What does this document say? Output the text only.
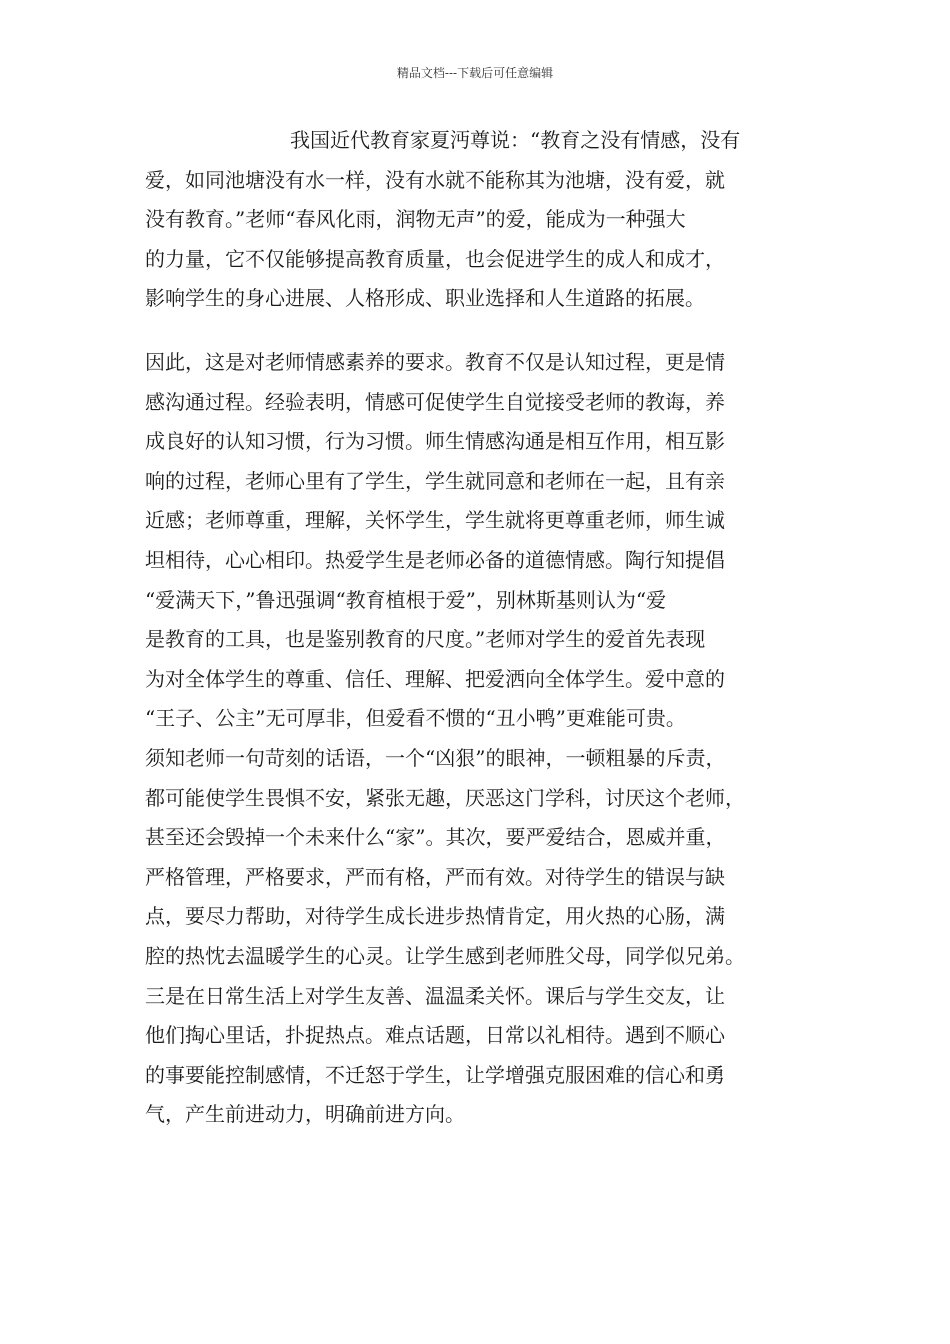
精品文档---下载后可任意编辑
我国近代教育家夏沔尊说：“教育之没有情感，没有
爱，如同池塘没有水一样，没有水就不能称其为池塘，没有爱，就
没有教育。”老师“春风化雨，润物无声”的爱，能成为一种强大
的力量，它不仅能够提高教育质量，也会促进学生的成人和成才，
影响学生的身心进展、人格形成、职业选择和人生道路的拓展。
因此，这是对老师情感素养的要求。教育不仅是认知过程，更是情
感沟通过程。经验表明，情感可促使学生自觉接受老师的教诲，养
成良好的认知习惯，行为习惯。师生情感沟通是相互作用，相互影
响的过程，老师心里有了学生，学生就同意和老师在一起，且有亲
近感；老师尊重，理解，关怀学生，学生就将更尊重老师，师生诚
坦相待，心心相印。热爱学生是老师必备的道德情感。陶行知提倡
“爱满天下，”鲁迅强调“教育植根于爱”，别林斯基则认为“爱
是教育的工具，也是鉴别教育的尺度。”老师对学生的爱首先表现
为对全体学生的尊重、信任、理解、把爱洒向全体学生。爱中意的
“王子、公主”无可厚非，但爱看不惯的“丑小鸭”更难能可贵。
须知老师一句苛刻的话语，一个“凶狠”的眼神，一顿粗暴的斥责，
都可能使学生畏惧不安，紧张无趣，厌恶这门学科，讨厌这个老师，
甚至还会毁掉一个未来什么“家”。其次，要严爱结合，恩威并重，
严格管理，严格要求，严而有格，严而有效。对待学生的错误与缺
点，要尽力帮助，对待学生成长进步热情肯定，用火热的心肠，满
腔的热忱去温暖学生的心灵。让学生感到老师胜父母，同学似兄弟。
三是在日常生活上对学生友善、温温柔关怀。课后与学生交友，让
他们掏心里话，扑捉热点。难点话题，日常以礼相待。遇到不顺心
的事要能控制感情，不迁怒于学生，让学增强克服困难的信心和勇
气，产生前进动力，明确前进方向。
